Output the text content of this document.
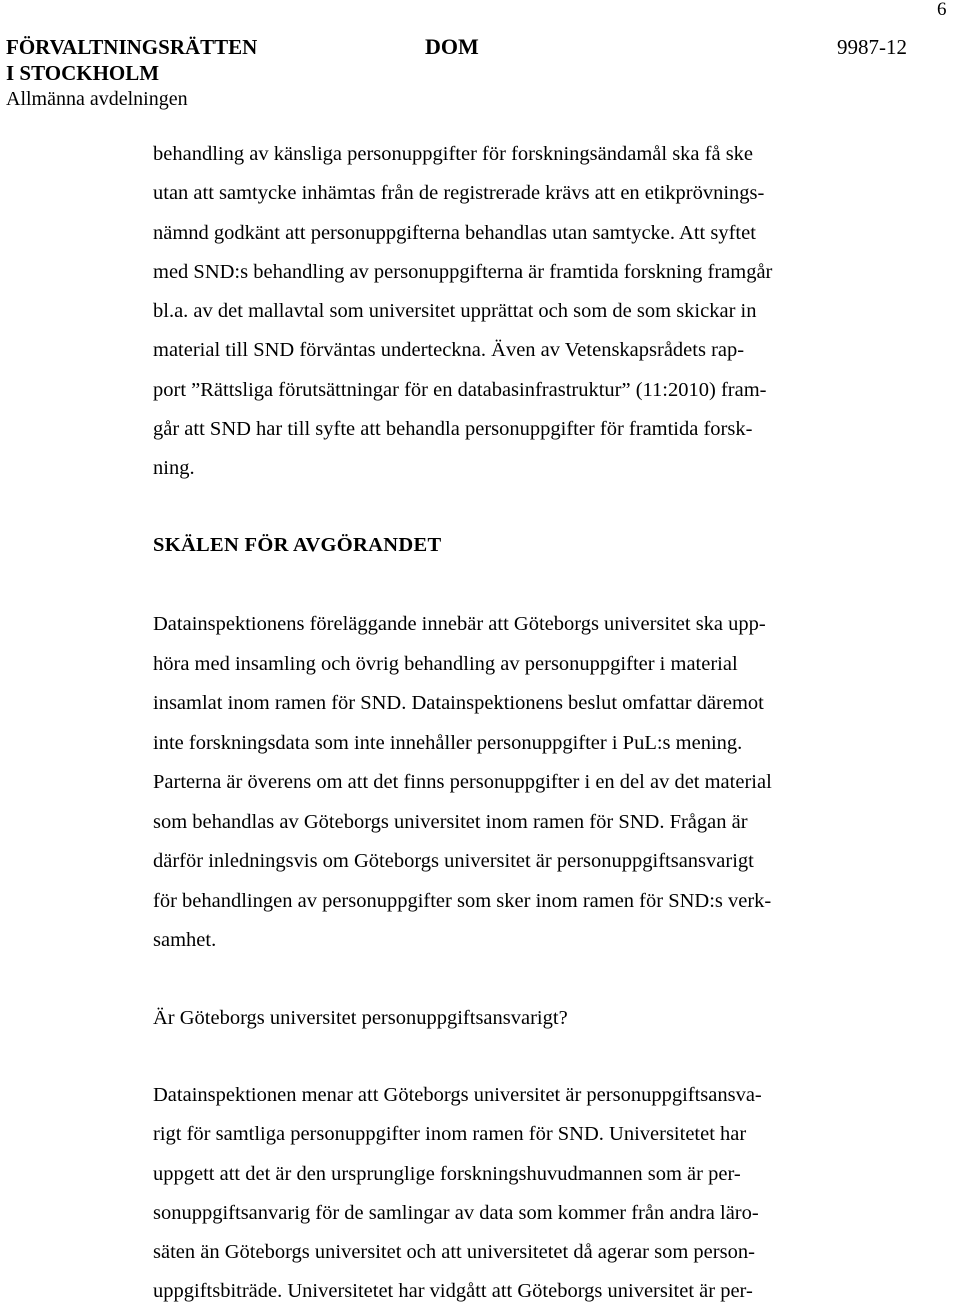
FÖRVALTNINGSRÄTTEN

I STOCKHOLM

Allmänna avdelningen

DOM	9987-12
6

behandling av känsliga personuppgifter för forskningsändamål ska få ske

utan att samtycke inhämtas från de registrerade krävs att en etikprövnings-

nämnd godkänt att personuppgifterna behandlas utan samtycke. Att syftet

med SND:s behandling av personuppgifterna är framtida forskning framgår

bl.a. av det mallavtal som universitet upprättat och som de som skickar in

material till SND förväntas underteckna. Även av Vetenskapsrådets rap-

port ”Rättsliga förutsättningar för en databasinfrastruktur” (11:2010) fram-

går att SND har till syfte att behandla personuppgifter för framtida forsk-

ning.

SKÄLEN FÖR AVGÖRANDET

Datainspektionens föreläggande innebär att Göteborgs universitet ska upp-

höra med insamling och övrig behandling av personuppgifter i material

insamlat inom ramen för SND. Datainspektionens beslut omfattar däremot

inte forskningsdata som inte innehåller personuppgifter i PuL:s mening.

Parterna är överens om att det finns personuppgifter i en del av det material

som behandlas av Göteborgs universitet inom ramen för SND. Frågan är

därför inledningsvis om Göteborgs universitet är personuppgiftsansvarigt

för behandlingen av personuppgifter som sker inom ramen för SND:s verk-

samhet.

Är Göteborgs universitet personuppgiftsansvarigt?

Datainspektionen menar att Göteborgs universitet är personuppgiftsansva-

rigt för samtliga personuppgifter inom ramen för SND. Universitetet har

uppgett att det är den ursprunglige forskningshuvudmannen som är per-

sonuppgiftsanvarig för de samlingar av data som kommer från andra läro-

säten än Göteborgs universitet och att universitetet då agerar som person-

uppgiftsbiträde. Universitetet har vidgått att Göteborgs universitet är per-
